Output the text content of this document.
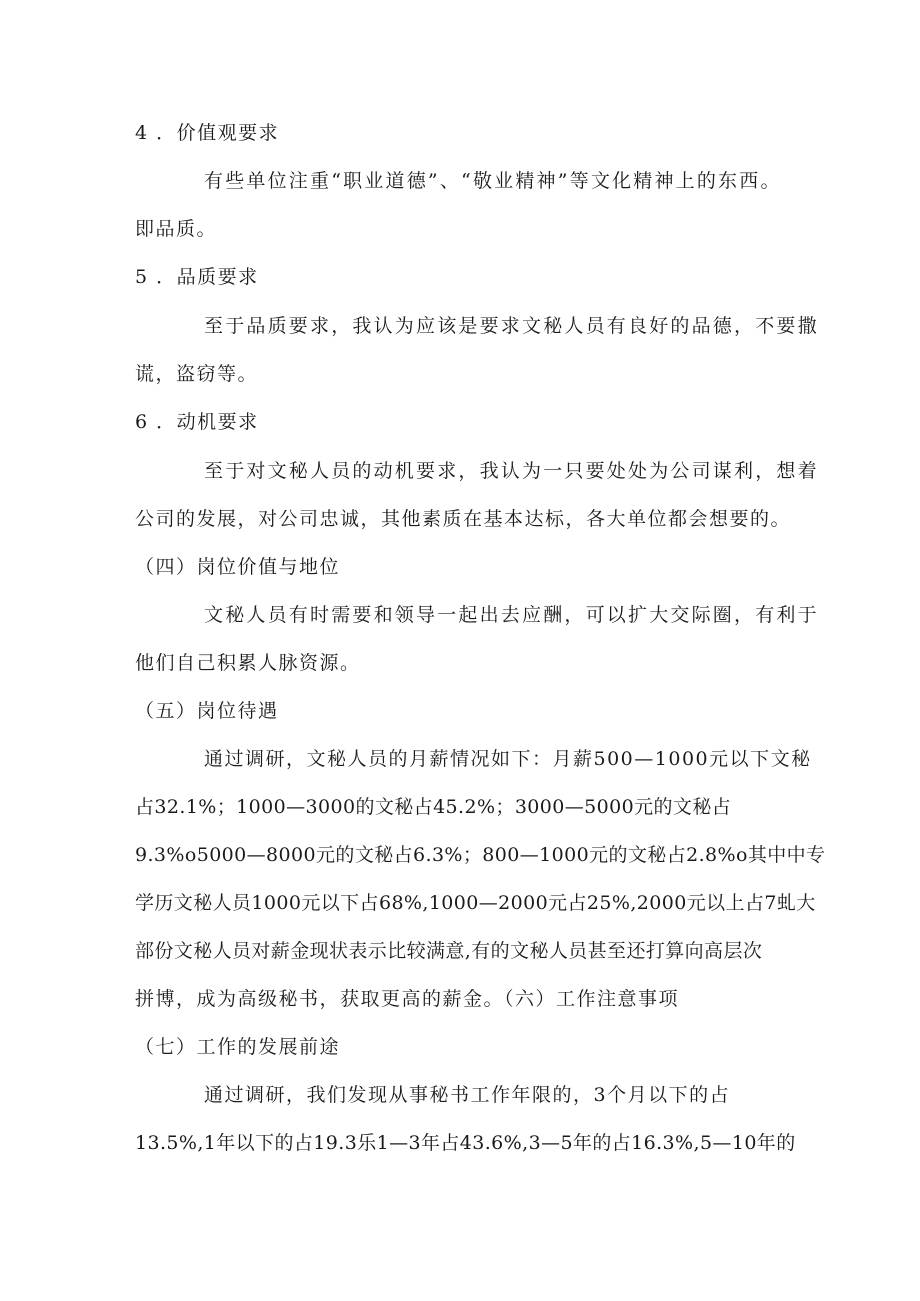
4 ．价值观要求
有些单位注重“职业道德”、“敬业精神”等文化精神上的东西。
即品质。
5 ．品质要求
至于品质要求，我认为应该是要求文秘人员有良好的品德，不要撒
谎，盗窃等。
6 ．动机要求
至于对文秘人员的动机要求，我认为一只要处处为公司谋利，想着
公司的发展，对公司忠诚，其他素质在基本达标，各大单位都会想要的。
（四）岗位价值与地位
文秘人员有时需要和领导一起出去应酬，可以扩大交际圈，有利于
他们自己积累人脉资源。
（五）岗位待遇
通过调研，文秘人员的月薪情况如下：月薪500—1000元以下文秘
占32.1%；1000—3000的文秘占45.2%；3000—5000元的文秘占
9.3%o5000—8000元的文秘占6.3%；800—1000元的文秘占2.8%o其中中专
学历文秘人员1000元以下占68%,1000—2000元占25%,2000元以上占7虬大
部份文秘人员对薪金现状表示比较满意,有的文秘人员甚至还打算向高层次
拼博，成为高级秘书，获取更高的薪金。（六）工作注意事项
（七）工作的发展前途
通过调研，我们发现从事秘书工作年限的，3个月以下的占
13.5%,1年以下的占19.3乐1—3年占43.6%,3—5年的占16.3%,5—10年的
